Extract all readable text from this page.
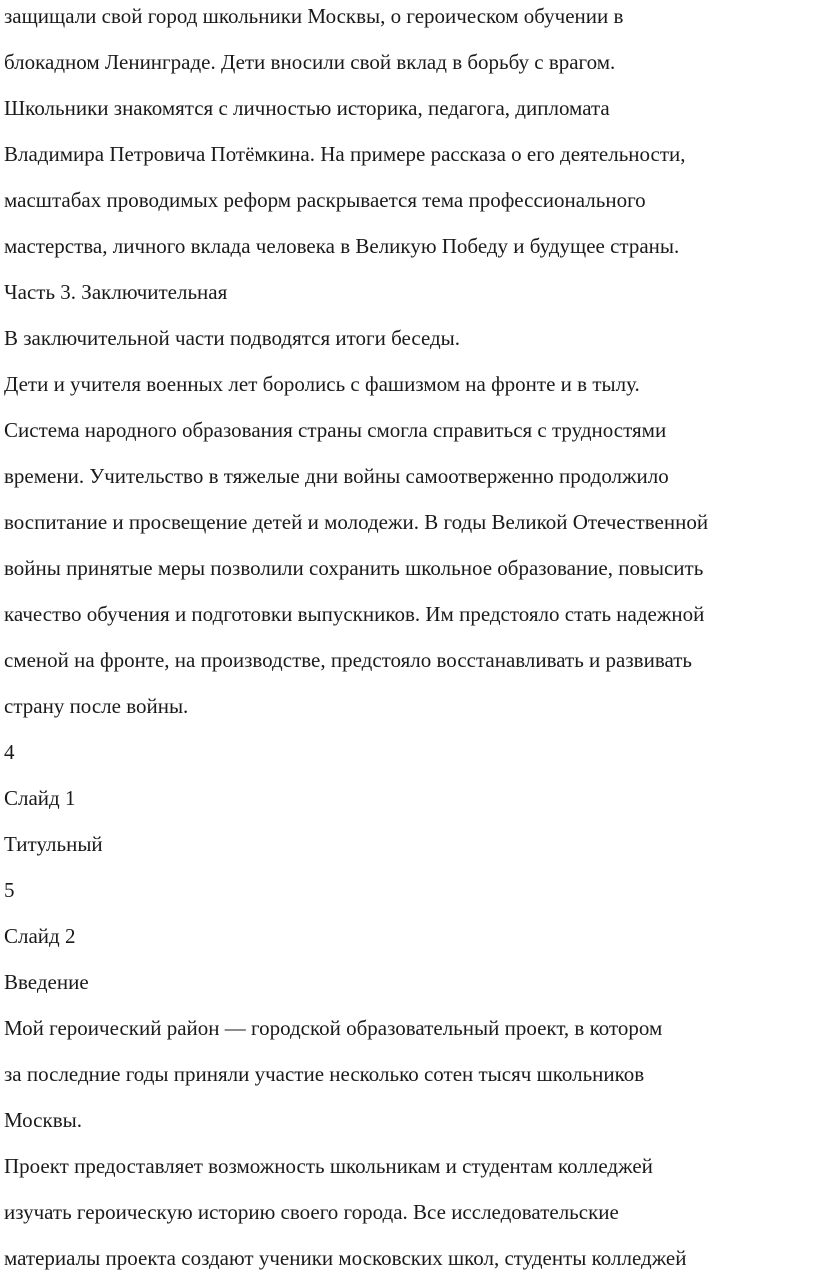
защищали свой город школьники Москвы, о героическом обучении в
блокадном Ленинграде. Дети вносили свой вклад в борьбу с врагом.
Школьники знакомятся с личностью историка, педагога, дипломата
Владимира Петровича Потёмкина. На примере рассказа о его деятельности,
масштабах проводимых реформ раскрывается тема профессионального
мастерства, личного вклада человека в Великую Победу и будущее страны.
Часть 3. Заключительная
В заключительной части подводятся итоги беседы.
Дети и учителя военных лет боролись с фашизмом на фронте и в тылу.
Система народного образования страны смогла справиться с трудностями
времени. Учительство в тяжелые дни войны самоотверженно продолжило
воспитание и просвещение детей и молодежи. В годы Великой Отечественной
войны принятые меры позволили сохранить школьное образование, повысить
качество обучения и подготовки выпускников. Им предстояло стать надежной
сменой на фронте, на производстве, предстояло восстанавливать и развивать
страну после войны.
4
Слайд 1
Титульный
5
Слайд 2
Введение
Мой героический район — городской образовательный проект, в котором
за последние годы приняли участие несколько сотен тысяч школьников
Москвы.
Проект предоставляет возможность школьникам и студентам колледжей
изучать героическую историю своего города. Все исследовательские
материалы проекта создают ученики московских школ, студенты колледжей
